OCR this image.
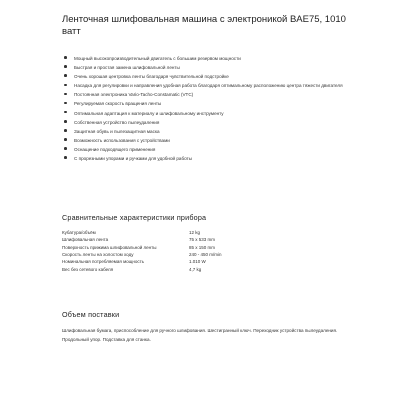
Ленточная шлифовальная машина с электроникой BAE75, 1010 ватт
Мощный высокопроизводительный двигатель с большим резервом мощности
Быстрая и простая замена шлифовальной ленты
Очень хорошая центровка ленты благодаря чувствительной подстройке
Насадка для регулировки и направления удобная работа благодаря оптимальному расположению центра тяжести двигателя
Постоянная электроника Vario-Tacho-Constamatic (VTC)
Регулируемая скорость вращения ленты
Оптимальная адаптация к материалу и шлифовальному инструменту
Собственная устройство пылеудаления
Защитная обувь и пылезащитная маска
Возможность использования с устройствами
Оснащение подходящего применения
С прорезными упорами и ручками для удобной работы
Сравнительные характеристики прибора
Кубатура/объём	12 kg
Шлифовальная лента	75 x 533 mm
Поверхность прижима шлифовальной ленты	85 x 150 mm
Скорость ленты на холостом ходу	240 - 450 m/min
Номинальная потребляемая мощность	1.010 W
Вес без сетевого кабеля	4,7 kg
Объем поставки
Шлифовальная бумага, приспособление для ручного шлифования. Шестигранный ключ. Переходник устройства пылеудаления. Продольный упор. Подставка для станка.
